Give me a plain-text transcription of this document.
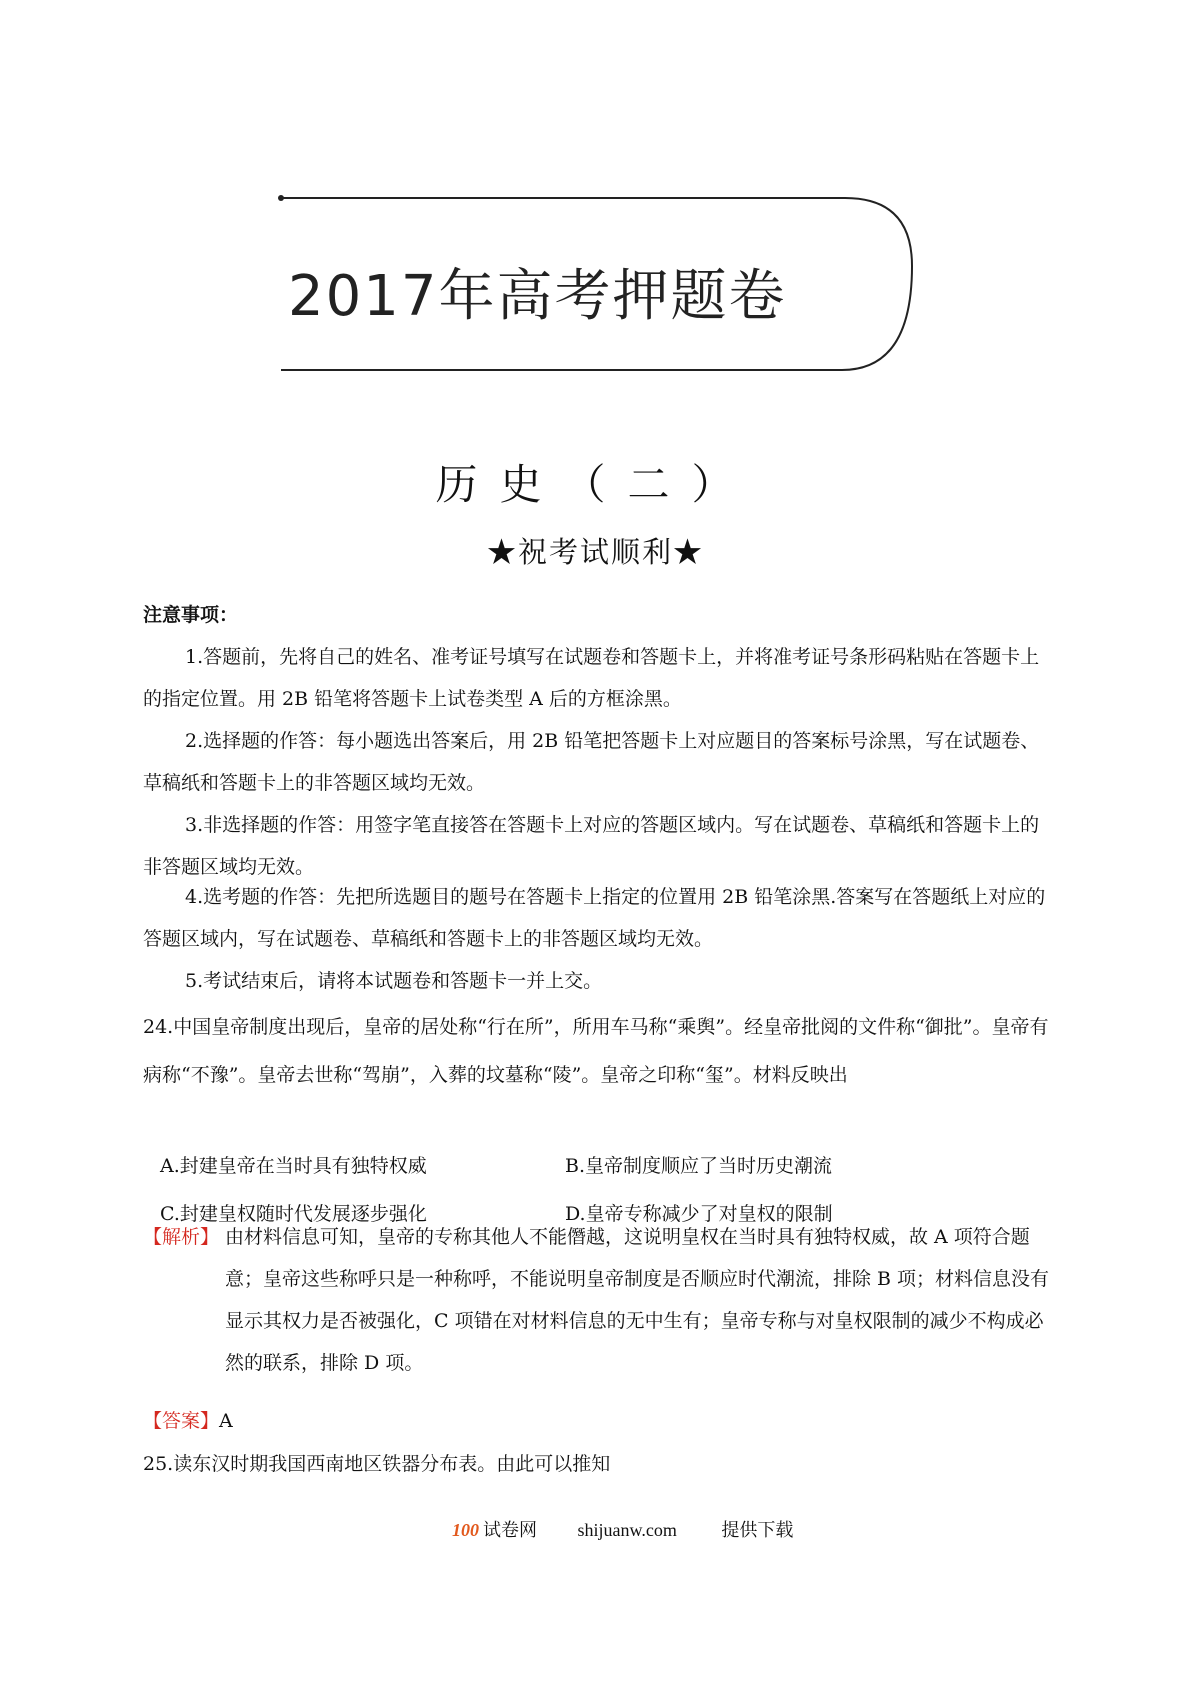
2017年高考押题卷
历史（二）
★祝考试顺利★
注意事项：
1.答题前，先将自己的姓名、准考证号填写在试题卷和答题卡上，并将准考证号条形码粘贴在答题卡上的指定位置。用 2B 铅笔将答题卡上试卷类型 A 后的方框涂黑。
2.选择题的作答：每小题选出答案后，用 2B 铅笔把答题卡上对应题目的答案标号涂黑，写在试题卷、草稿纸和答题卡上的非答题区域均无效。
3.非选择题的作答：用签字笔直接答在答题卡上对应的答题区域内。写在试题卷、草稿纸和答题卡上的非答题区域均无效。
4.选考题的作答：先把所选题目的题号在答题卡上指定的位置用 2B 铅笔涂黑.答案写在答题纸上对应的答题区域内，写在试题卷、草稿纸和答题卡上的非答题区域均无效。
5.考试结束后，请将本试题卷和答题卡一并上交。
24.中国皇帝制度出现后，皇帝的居处称“行在所”，所用车马称“乘舆”。经皇帝批阅的文件称“御批”。皇帝有病称“不豫”。皇帝去世称“驾崩”，入葬的坟墓称“陵”。皇帝之印称“玺”。材料反映出
A.封建皇帝在当时具有独特权威	B.皇帝制度顺应了当时历史潮流
C.封建皇权随时代发展逐步强化	D.皇帝专称减少了对皇权的限制
【解析】 由材料信息可知，皇帝的专称其他人不能僭越，这说明皇权在当时具有独特权威，故 A 项符合题意；皇帝这些称呼只是一种称呼，不能说明皇帝制度是否顺应时代潮流，排除 B 项；材料信息没有显示其权力是否被强化，C 项错在对材料信息的无中生有；皇帝专称与对皇权限制的减少不构成必然的联系，排除 D 项。
【答案】A
25.读东汉时期我国西南地区铁器分布表。由此可以推知
100 试卷网 shijuanw.com 提供下载
